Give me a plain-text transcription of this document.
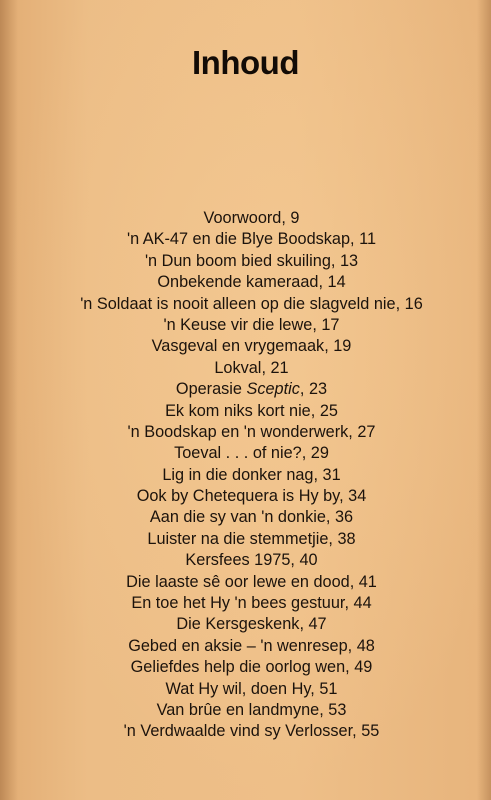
Inhoud
Voorwoord , 9
'n AK-47 en die Blye Boodskap , 11
'n Dun boom bied skuiling , 13
Onbekende kameraad , 14
'n Soldaat is nooit alleen op die slagveld nie , 16
'n Keuse vir die lewe , 17
Vasgeval en vrygemaak , 19
Lokval , 21
Operasie Sceptic , 23
Ek kom niks kort nie , 25
'n Boodskap en 'n wonderwerk , 27
Toeval . . . of nie? , 29
Lig in die donker nag , 31
Ook by Chetequera is Hy by , 34
Aan die sy van 'n donkie , 36
Luister na die stemmetjie , 38
Kersfees 1975 , 40
Die laaste sê oor lewe en dood , 41
En toe het Hy 'n bees gestuur , 44
Die Kersgeskenk , 47
Gebed en aksie – 'n wenresep , 48
Geliefdes help die oorlog wen , 49
Wat Hy wil, doen Hy , 51
Van brûe en landmyne , 53
'n Verdwaalde vind sy Verlosser , 55
